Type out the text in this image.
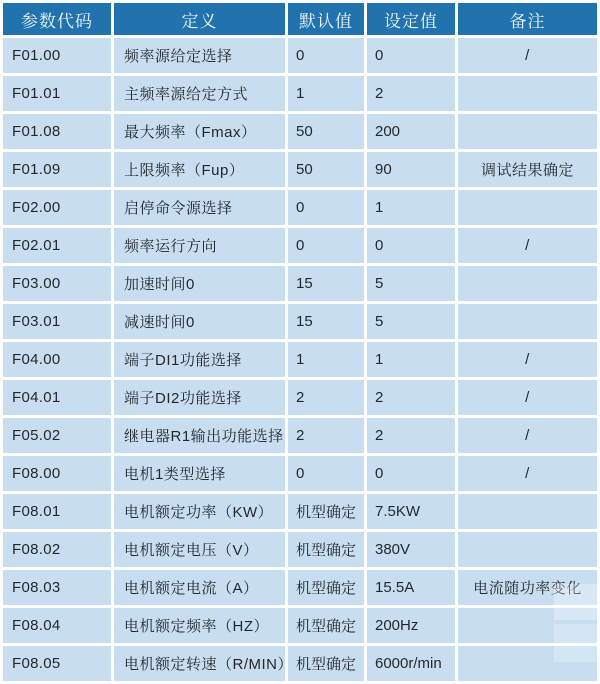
参数代码	定义	默认值	设定值	备注
F01.00	频率源给定选择	0	0	/
F01.01	主频率源给定方式	1	2	
F01.08	最大频率（Fmax）	50	200	
F01.09	上限频率（Fup）	50	90	调试结果确定
F02.00	启停命令源选择	0	1	
F02.01	频率运行方向	0	0	/
F03.00	加速时间0	15	5	
F03.01	减速时间0	15	5	
F04.00	端子DI1功能选择	1	1	/
F04.01	端子DI2功能选择	2	2	/
F05.02	继电器R1输出功能选择	2	2	/
F08.00	电机1类型选择	0	0	/
F08.01	电机额定功率（KW）	机型确定	7.5KW	
F08.02	电机额定电压（V）	机型确定	380V	
F08.03	电机额定电流（A）	机型确定	15.5A	电流随功率变化
F08.04	电机额定频率（HZ）	机型确定	200Hz	
F08.05	电机额定转速（R/MIN）	机型确定	6000r/min	
